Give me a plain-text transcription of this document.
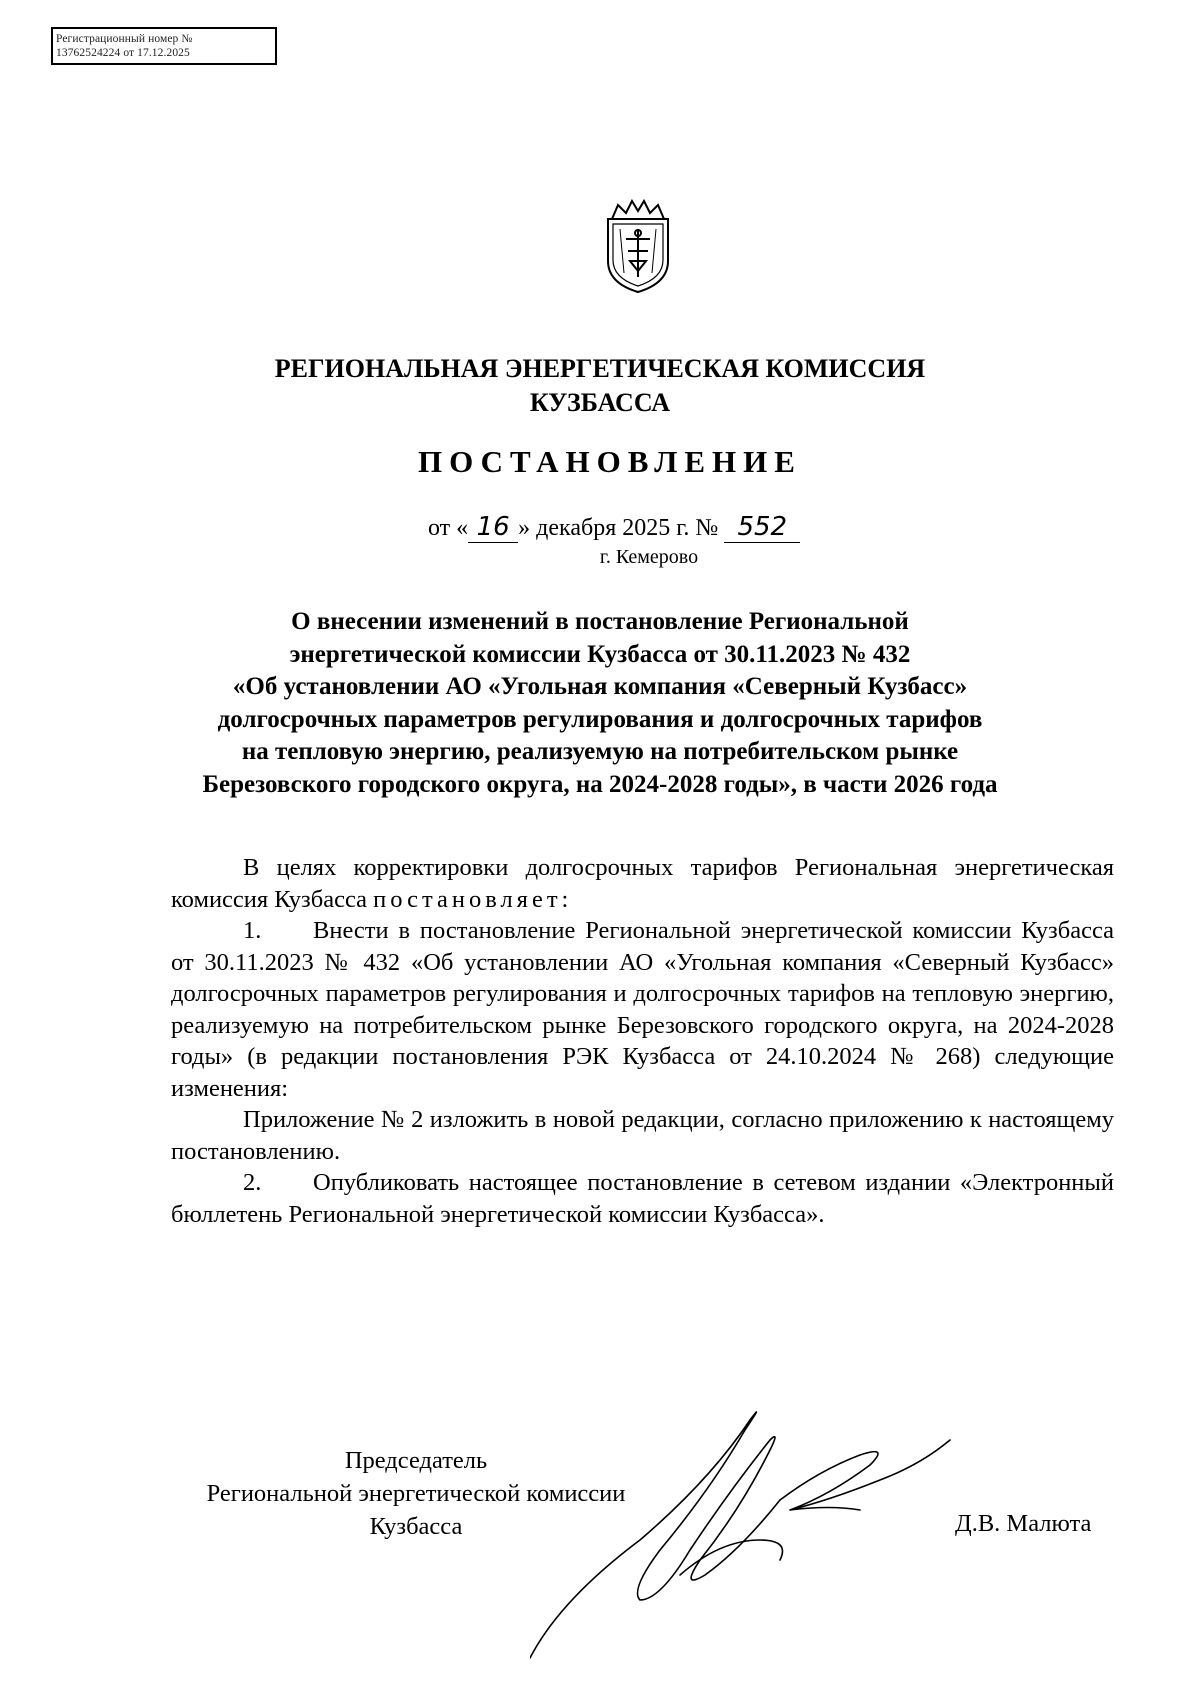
Регистрационный номер №
13762524224 от 17.12.2025
РЕГИОНАЛЬНАЯ ЭНЕРГЕТИЧЕСКАЯ КОМИССИЯ
КУЗБАССА
ПОСТАНОВЛЕНИЕ
от « 16 » декабря 2025 г. № 552
г. Кемерово
О внесении изменений в постановление Региональной
энергетической комиссии Кузбасса от 30.11.2023 № 432
«Об установлении АО «Угольная компания «Северный Кузбасс»
долгосрочных параметров регулирования и долгосрочных тарифов
на тепловую энергию, реализуемую на потребительском рынке
Березовского городского округа, на 2024-2028 годы», в части 2026 года

В целях корректировки долгосрочных тарифов Региональная энергетическая комиссия Кузбасса постановляет:

1. Внести в постановление Региональной энергетической комиссии Кузбасса от 30.11.2023 № 432 «Об установлении АО «Угольная компания «Северный Кузбасс» долгосрочных параметров регулирования и долгосрочных тарифов на тепловую энергию, реализуемую на потребительском рынке Березовского городского округа, на 2024-2028 годы» (в редакции постановления РЭК Кузбасса от 24.10.2024 № 268) следующие изменения:

Приложение № 2 изложить в новой редакции, согласно приложению к настоящему постановлению.

2. Опубликовать настоящее постановление в сетевом издании «Электронный бюллетень Региональной энергетической комиссии Кузбасса».

Председатель
Региональной энергетической комиссии
Кузбасса	Д.В. Малюта
